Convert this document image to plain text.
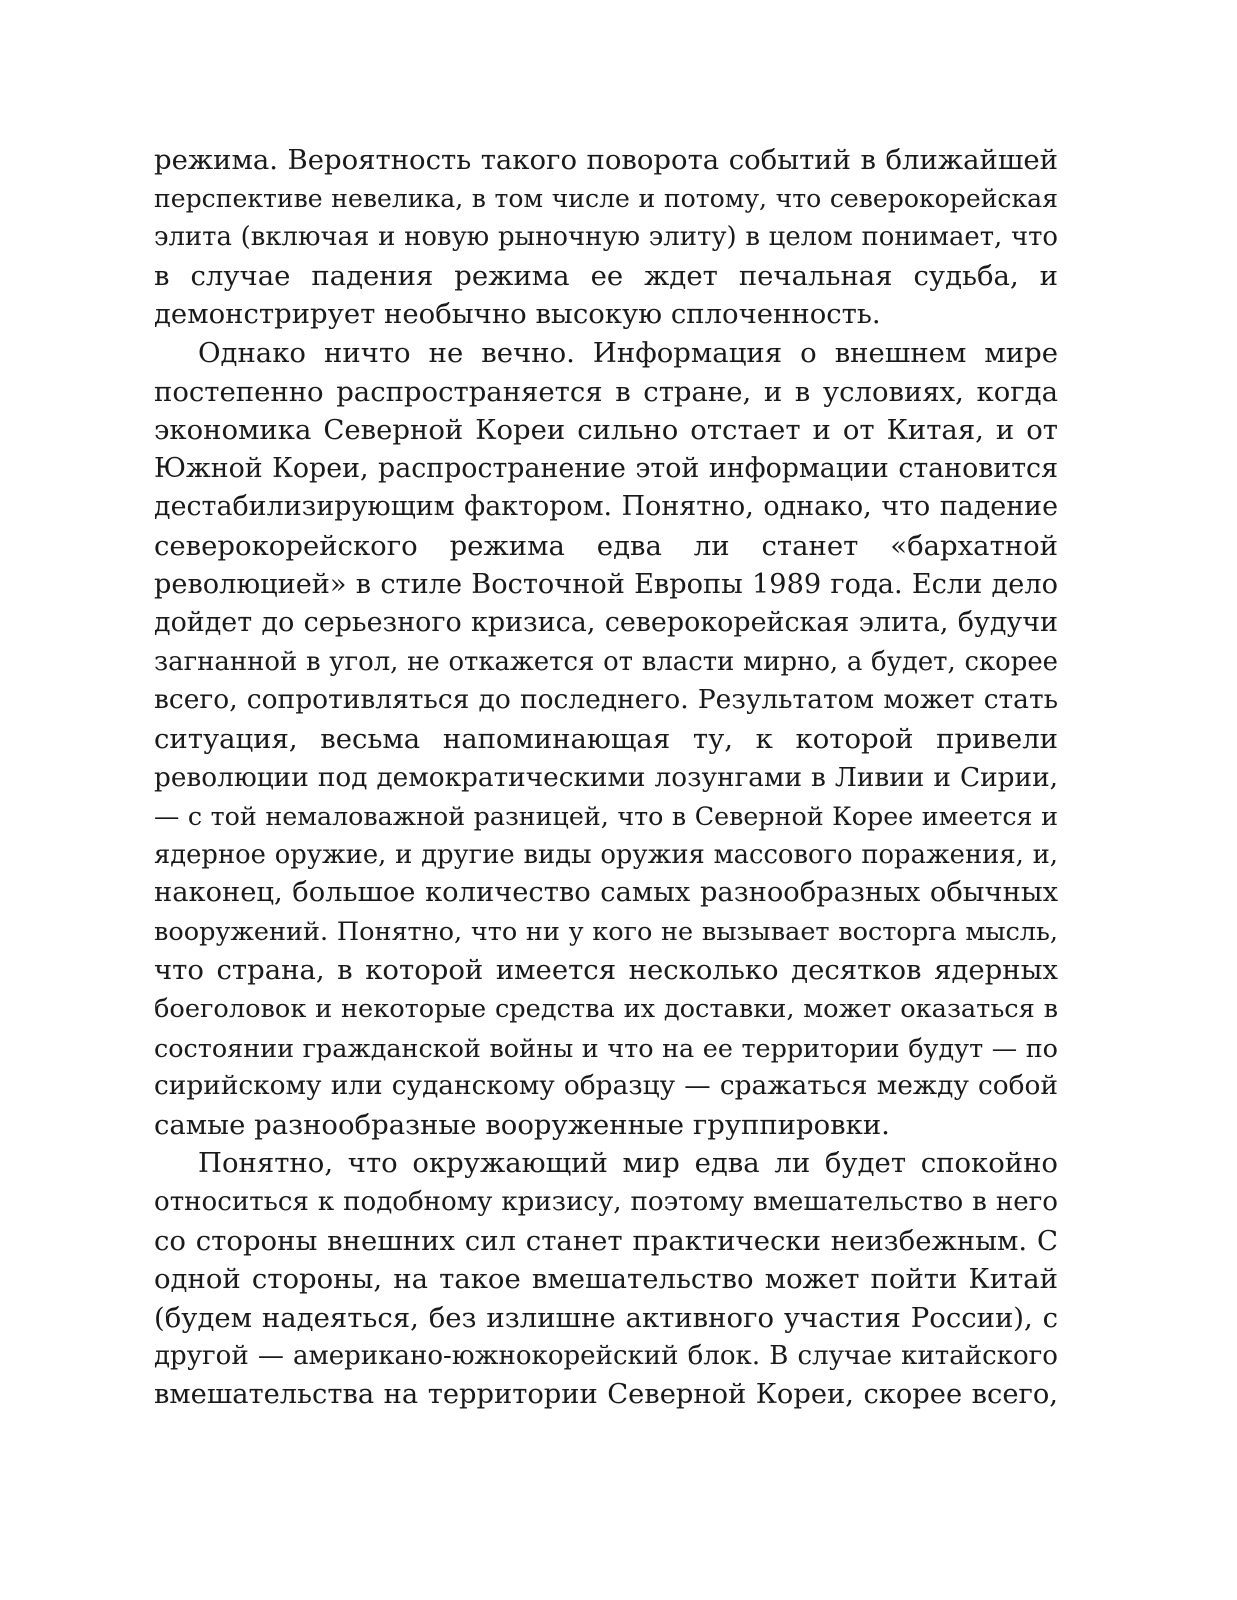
режима. Вероятность такого поворота событий в ближайшей
перспективе невелика, в том числе и потому, что северокорейская
элита (включая и новую рыночную элиту) в целом понимает, что
в случае падения режима ее ждет печальная судьба, и
демонстрирует необычно высокую сплоченность.
Однако ничто не вечно. Информация о внешнем мире
постепенно распространяется в стране, и в условиях, когда
экономика Северной Кореи сильно отстает и от Китая, и от
Южной Кореи, распространение этой информации становится
дестабилизирующим фактором. Понятно, однако, что падение
северокорейского режима едва ли станет «бархатной
революцией» в стиле Восточной Европы 1989 года. Если дело
дойдет до серьезного кризиса, северокорейская элита, будучи
загнанной в угол, не откажется от власти мирно, а будет, скорее
всего, сопротивляться до последнего. Результатом может стать
ситуация, весьма напоминающая ту, к которой привели
революции под демократическими лозунгами в Ливии и Сирии,
— с той немаловажной разницей, что в Северной Корее имеется и
ядерное оружие, и другие виды оружия массового поражения, и,
наконец, большое количество самых разнообразных обычных
вооружений. Понятно, что ни у кого не вызывает восторга мысль,
что страна, в которой имеется несколько десятков ядерных
боеголовок и некоторые средства их доставки, может оказаться в
состоянии гражданской войны и что на ее территории будут — по
сирийскому или суданскому образцу — сражаться между собой
самые разнообразные вооруженные группировки.
Понятно, что окружающий мир едва ли будет спокойно
относиться к подобному кризису, поэтому вмешательство в него
со стороны внешних сил станет практически неизбежным. С
одной стороны, на такое вмешательство может пойти Китай
(будем надеяться, без излишне активного участия России), с
другой — американо-южнокорейский блок. В случае китайского
вмешательства на территории Северной Кореи, скорее всего,
